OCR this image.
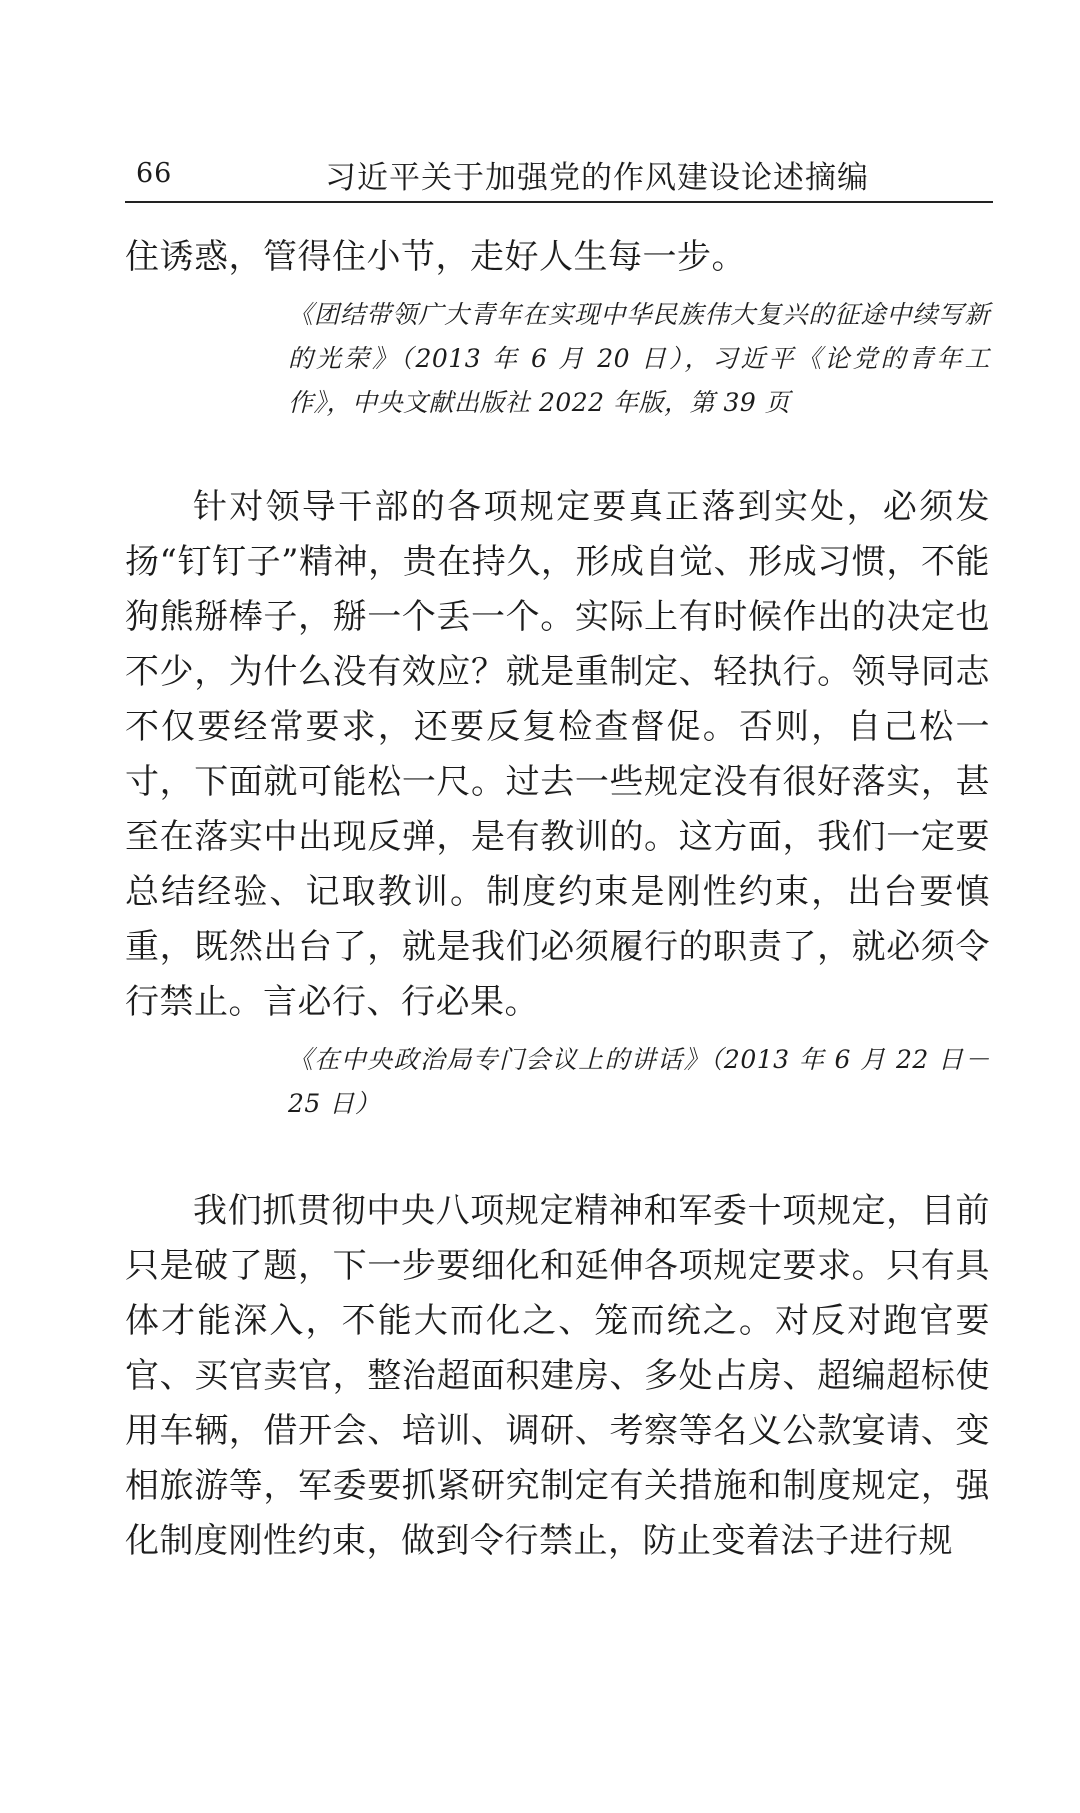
66	习近平关于加强党的作风建设论述摘编

住诱惑，管得住小节，走好人生每一步。

《团结带领广大青年在实现中华民族伟大复兴的征途中续写新的光荣》（2013 年 6 月 20 日），习近平《论党的青年工作》，中央文献出版社 2022 年版，第 39 页

针对领导干部的各项规定要真正落到实处，必须发扬“钉钉子”精神，贵在持久，形成自觉、形成习惯，不能狗熊掰棒子，掰一个丢一个。实际上有时候作出的决定也不少，为什么没有效应？就是重制定、轻执行。领导同志不仅要经常要求，还要反复检查督促。否则，自己松一寸，下面就可能松一尺。过去一些规定没有很好落实，甚至在落实中出现反弹，是有教训的。这方面，我们一定要总结经验、记取教训。制度约束是刚性约束，出台要慎重，既然出台了，就是我们必须履行的职责了，就必须令行禁止。言必行、行必果。

《在中央政治局专门会议上的讲话》（2013 年 6 月 22 日－25 日）

我们抓贯彻中央八项规定精神和军委十项规定，目前只是破了题，下一步要细化和延伸各项规定要求。只有具体才能深入，不能大而化之、笼而统之。对反对跑官要官、买官卖官，整治超面积建房、多处占房、超编超标使用车辆，借开会、培训、调研、考察等名义公款宴请、变相旅游等，军委要抓紧研究制定有关措施和制度规定，强化制度刚性约束，做到令行禁止，防止变着法子进行规
